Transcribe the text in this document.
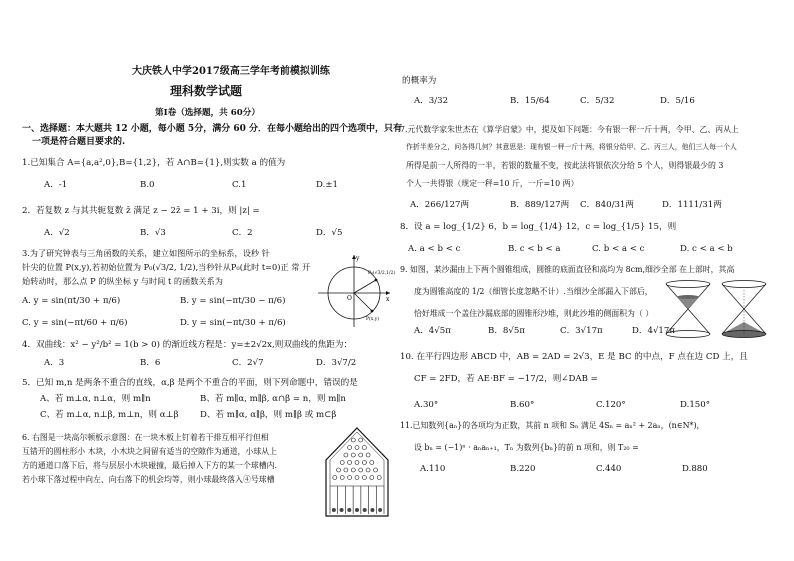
大庆铁人中学2017级高三学年考前模拟训练
理科数学试题
第Ⅰ卷（选择题，共 60分）
一、选择题：本大题共 12 小题，每小题 5分，满分 60 分．在每小题给出的四个选项中，只有
一项是符合题目要求的.
1.已知集合 A={a,a²,0},B={1,2}，若 A∩B={1},则实数 a 的值为
A．-1	B.0	C.1	D.±1
2．若复数 z 与其共轭复数 z̄ 满足 z − 2z̄ = 1 + 3i，则 |z| =
A．√2	B．√3	C．2	D．√5
3.为了研究钟表与三角函数的关系，建立如图所示的坐标系，设秒 针
针尖的位置 P(x,y),若初始位置为 P₀(√3/2, 1/2),当秒针从P₀(此时 t=0)正 常 开
始转动时，那么点 P 的纵坐标 y 与时间 t 的函数关系为
A. y = sin(πt/30 + π/6)	B. y = sin(−πt/30 − π/6)
C. y = sin(−πt/60 + π/6)	D. y = sin(−πt/30 + π/6)
x
y
O
P₀(√3/2,1/2)
P(x,y)
4．双曲线：x² − y²/b² = 1(b > 0) 的渐近线方程是：y=±2√2x,则双曲线的焦距为：
A．3	B．6	C．2√7	D．3√7/2
5．已知 m,n 是两条不重合的直线，α,β 是两个不重合的平面，则下列命题中，错误的是
A、若 m⊥α, n⊥α，则 m∥n	B、若 m∥α, m∥β, α∩β = n，则 m∥n
C、若 m⊥α, n⊥β, m⊥n，则 α⊥β D、若 m∥α, α∥β，则 m∥β 或 m⊂β
6. 右图是一块高尔顿板示意图：在一块木板上钉着若干排互相平行但相
互错开的圆柱形小 木块，小木块之间留有适当的空隙作为通道，小球从上
方的通道口落下后，将与层层小木块碰撞，最后掉入下方的某一个球槽内.
若小球下落过程中向左、向右落下的机会均等，则小球最终落入④号球槽
的概率为
A．3/32	B．15/64	C．5/32	D．5/16
7.元代数学家朱世杰在《算学启蒙》中，提及如下问题：今有银一秤一斤十两，令甲、乙、丙从上
作折半差分之，问各得几何？其意思是：现有银一秤一斤十两，将银分给甲、乙、丙三人，他们三人每一个人
所得是前一人所得的一半，若银的数量不变，按此法将银依次分给 5 个人，则得银最少的 3
个人一共得银（规定一秤=10 斤，一斤=10 两）
A．266/127两	B．889/127两 C．840/31两	D．1111/31两
8．设 a = log_{1/2} 6，b = log_{1/4} 12，c = log_{1/5} 15，则
A. a < b < c	B. c < b < a	C. b < a < c	D. c < a < b
9. 如图，某沙漏由上下两个圆锥组成，圆锥的底面直径和高均为 8cm,细沙全部 在上部时，其高
度为圆锥高度的 1/2（细管长度忽略不计）.当细沙全部漏入下部后，
恰好堆成一个盖住沙漏底部的圆锥形沙堆，则此沙堆的侧面积为（ ）
A．4√5π	B．8√5π	C．3√17π	D．4√17π
10. 在平行四边形 ABCD 中，AB = 2AD = 2√3，E 是 BC 的中点，F 点在边 CD 上，且
CF = 2FD，若 AE·BF = −17/2，则∠DAB =
A.30°	B.60°	C.120°	D.150°
11.已知数列{aₙ}的各项均为正数，其前 n 项和 Sₙ 满足 4Sₙ = aₙ² + 2aₙ，(n∈N*)，
设 bₙ = (−1)ⁿ · aₙaₙ₊₁，Tₙ 为数列{bₙ}的前 n 项和，则 T₂₀ =
A.110	B.220	C.440	D.880
